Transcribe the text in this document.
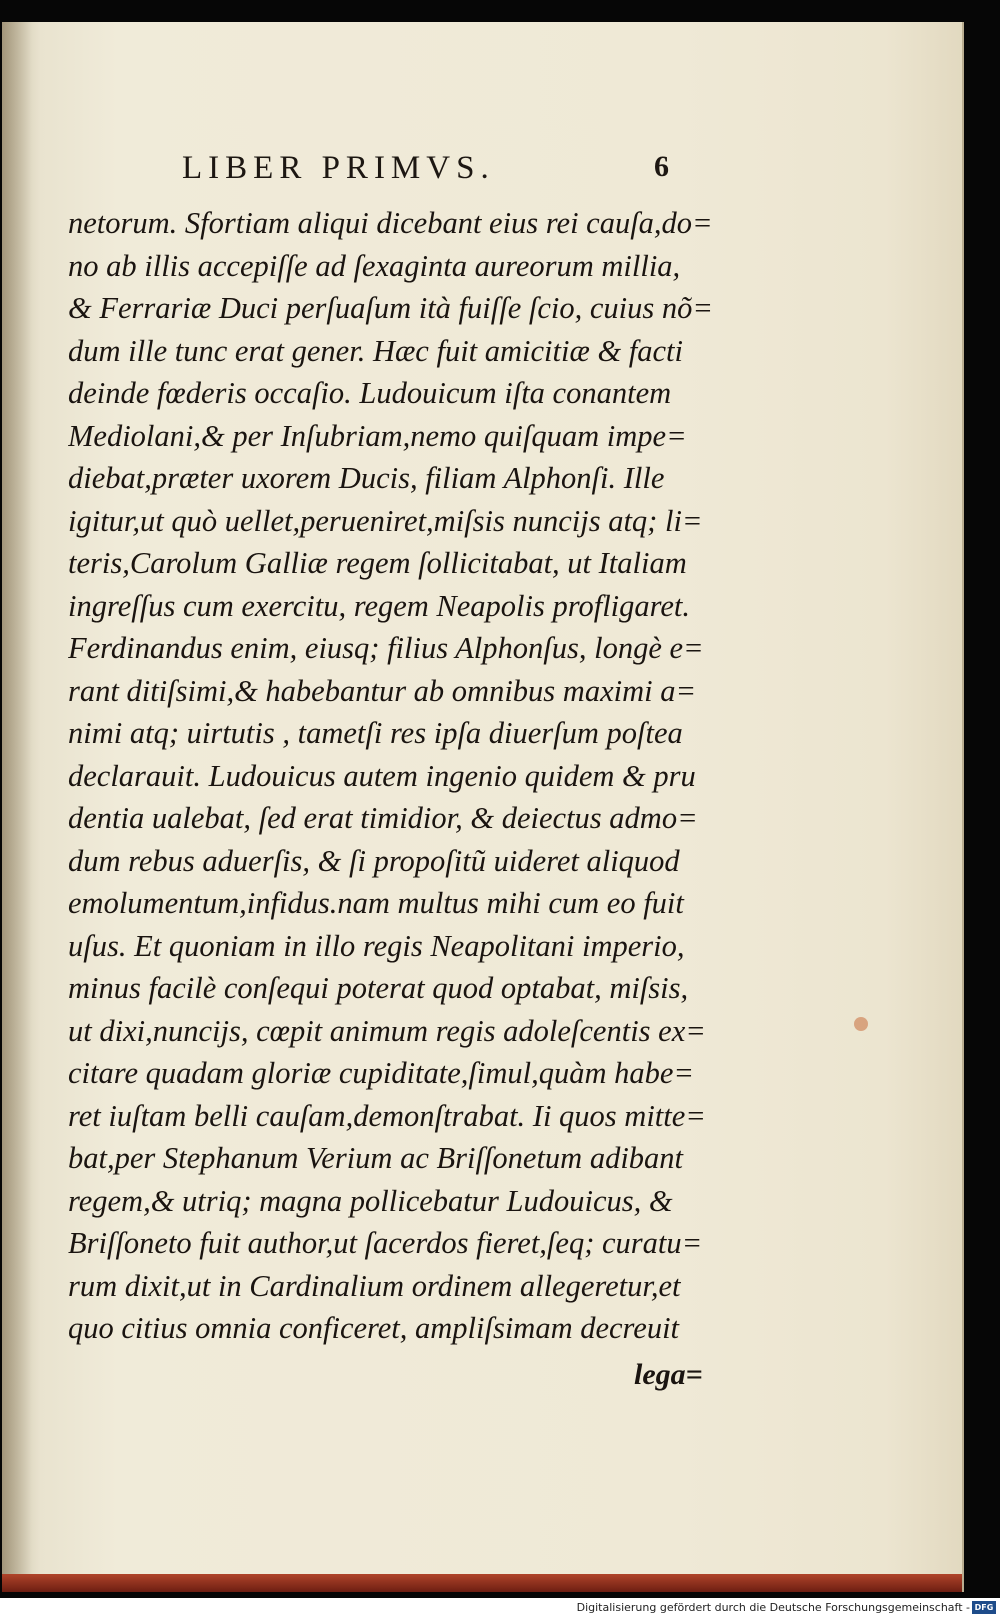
LIBER PRIMVS.	6
netorum. Sfortiam aliqui dicebant eius rei cauſa,do=
no ab illis accepiſſe ad ſexaginta aureorum millia,
& Ferrariæ Duci perſuaſum ità fuiſſe ſcio, cuius nõ=
dum ille tunc erat gener. Hæc fuit amicitiæ & facti
deinde fœderis occaſio. Ludouicum iſta conantem
Mediolani,& per Inſubriam,nemo quiſquam impe=
diebat,præter uxorem Ducis, filiam Alphonſi. Ille
igitur,ut quò uellet,perueniret,miſsis nuncijs atq; li=
teris,Carolum Galliæ regem ſollicitabat, ut Italiam
ingreſſus cum exercitu, regem Neapolis profligaret.
Ferdinandus enim, eiusq; filius Alphonſus, longè e=
rant ditiſsimi,& habebantur ab omnibus maximi a=
nimi atq; uirtutis , tametſi res ipſa diuerſum poſtea
declarauit. Ludouicus autem ingenio quidem & pru
dentia ualebat, ſed erat timidior, & deiectus admo=
dum rebus aduerſis, & ſi propoſitũ uideret aliquod
emolumentum,infidus.nam multus mihi cum eo fuit
uſus. Et quoniam in illo regis Neapolitani imperio,
minus facilè conſequi poterat quod optabat, miſsis,
ut dixi,nuncijs, cœpit animum regis adoleſcentis ex=
citare quadam gloriæ cupiditate,ſimul,quàm habe=
ret iuſtam belli cauſam,demonſtrabat. Ii quos mitte=
bat,per Stephanum Verium ac Briſſonetum adibant
regem,& utriq; magna pollicebatur Ludouicus, &
Briſſoneto fuit author,ut ſacerdos fieret,ſeq; curatu=
rum dixit,ut in Cardinalium ordinem allegeretur,et
quo citius omnia conficeret, ampliſsimam decreuit
lega=
Digitalisierung gefördert durch die Deutsche Forschungsgemeinschaft - DFG
